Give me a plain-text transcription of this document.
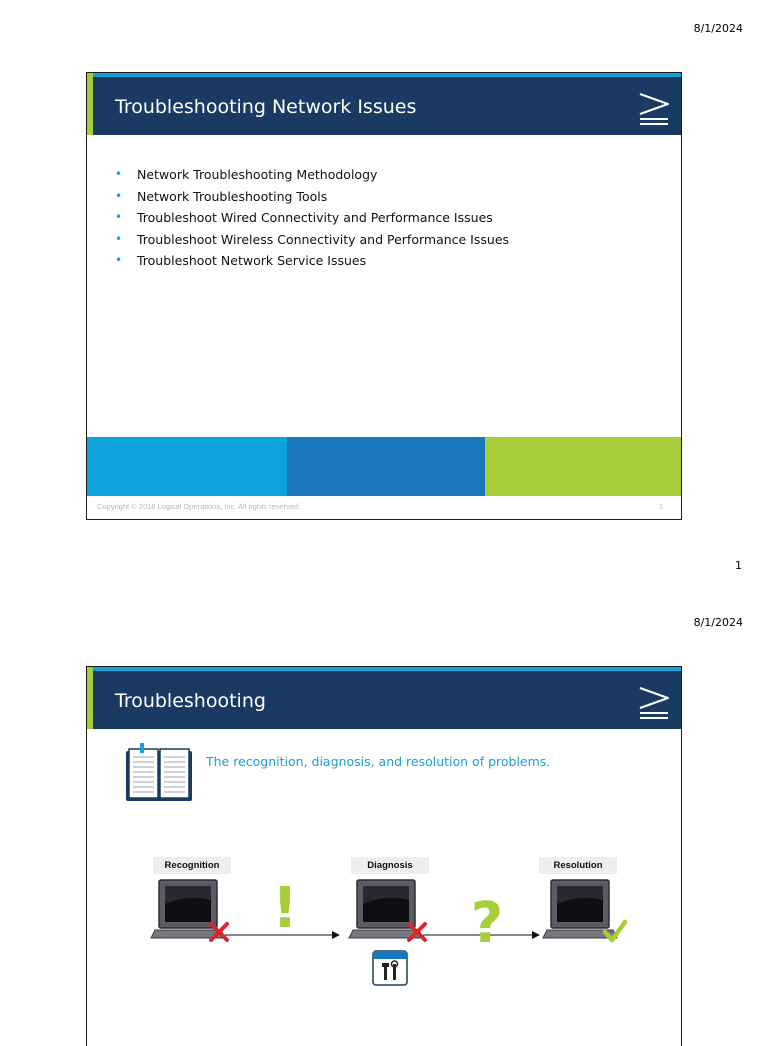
8/1/2024
Troubleshooting Network Issues
• Network Troubleshooting Methodology
• Network Troubleshooting Tools
• Troubleshoot Wired Connectivity and Performance Issues
• Troubleshoot Wireless Connectivity and Performance Issues
• Troubleshoot Network Service Issues
Copyright © 2018 Logical Operations, Inc. All rights reserved.	1
1
8/1/2024
Troubleshooting
The recognition, diagnosis, and resolution of problems.
Recognition	Diagnosis	Resolution
!	?
